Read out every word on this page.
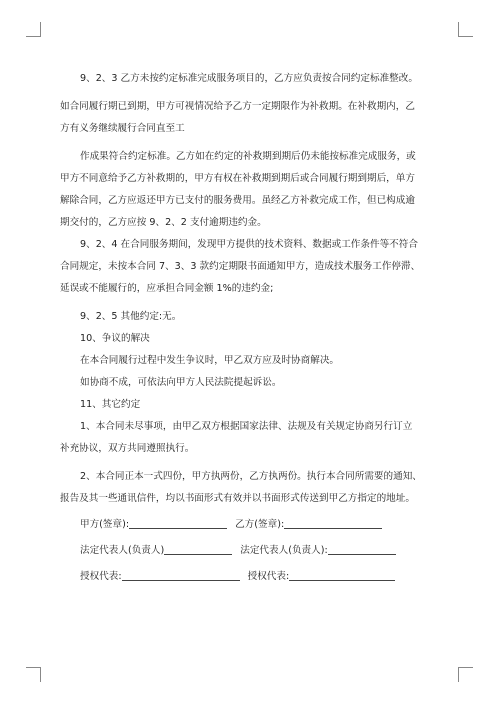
9、2、3 乙方未按约定标准完成服务项目的，乙方应负责按合同约定标准整改。

如合同履行期已到期，甲方可视情况给予乙方一定期限作为补救期。在补救期内，乙

方有义务继续履行合同直至工

作成果符合约定标准。乙方如在约定的补救期到期后仍未能按标准完成服务，或

甲方不同意给予乙方补救期的，甲方有权在补救期到期后或合同履行期到期后，单方

解除合同，乙方应返还甲方已支付的服务费用。虽经乙方补救完成工作，但已构成逾

期交付的，乙方应按 9、2、2 支付逾期违约金。

9、2、4 在合同服务期间，发现甲方提供的技术资料、数据或工作条件等不符合

合同规定，未按本合同 7、3、3 款约定期限书面通知甲方，造成技术服务工作停滞、

延误或不能履行的，应承担合同金额 1%的违约金;

9、2、5 其他约定:无。

10、争议的解决

在本合同履行过程中发生争议时，甲乙双方应及时协商解决。

如协商不成，可依法向甲方人民法院提起诉讼。

11、其它约定

1、本合同未尽事项，由甲乙双方根据国家法律、法规及有关规定协商另行订立

补充协议，双方共同遵照执行。

2、本合同正本一式四份，甲方执两份，乙方执两份。执行本合同所需要的通知、

报告及其一些通讯信件，均以书面形式有效并以书面形式传送到甲乙方指定的地址。

甲方(签章):	乙方(签章):
法定代表人(负责人)	法定代表人(负责人):
授权代表:	授权代表:
